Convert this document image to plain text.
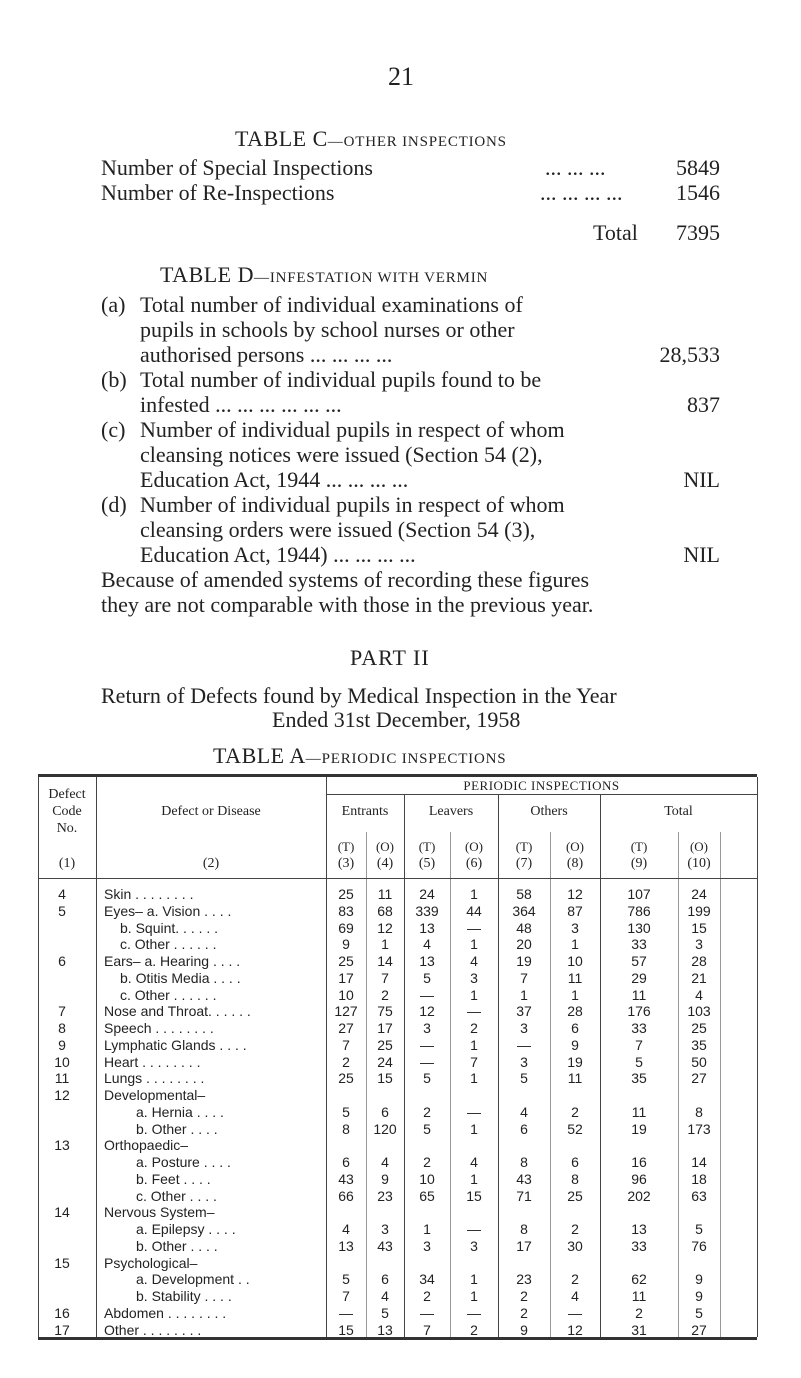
21
TABLE C—OTHER INSPECTIONS
Number of Special Inspections	... ... ...	5849
Number of Re-Inspections	... ... ... ...	1546
Total	7395
TABLE D—INFESTATION WITH VERMIN
(a) Total number of individual examinations of
pupils in schools by school nurses or other
authorised persons ... ... ... ...	28,533
(b) Total number of individual pupils found to be
infested ... ... ... ... ... ...	837
(c) Number of individual pupils in respect of whom
cleansing notices were issued (Section 54 (2),
Education Act, 1944 ... ... ... ...	NIL
(d) Number of individual pupils in respect of whom
cleansing orders were issued (Section 54 (3),
Education Act, 1944) ... ... ... ...	NIL
Because of amended systems of recording these figures
they are not comparable with those in the previous year.
PART II
Return of Defects found by Medical Inspection in the Year
Ended 31st December, 1958
TABLE A—PERIODIC INSPECTIONS
Defect
Code
No.
(1)
Defect or Disease
(2)
PERIODIC INSPECTIONS
Entrants	Leavers	Others	Total
(T)	(O)	(T)	(O)	(T)	(O)	(T)	(O)
(3)	(4)	(5)	(6)	(7)	(8)	(9)	(10)
4	Skin . . . . . . . .	25	11	24	1	58	12	107	24
5	Eyes– a. Vision . . . .	83	68	339	44	364	87	786	199
b. Squint. . . . . .	69	12	13	—	48	3	130	15
c. Other . . . . . .	9	1	4	1	20	1	33	3
6	Ears– a. Hearing . . . .	25	14	13	4	19	10	57	28
b. Otitis Media . . . .	17	7	5	3	7	11	29	21
c. Other . . . . . .	10	2	—	1	1	1	11	4
7	Nose and Throat. . . . . .	127	75	12	—	37	28	176	103
8	Speech . . . . . . . .	27	17	3	2	3	6	33	25
9	Lymphatic Glands . . . .	7	25	—	1	—	9	7	35
10	Heart . . . . . . . .	2	24	—	7	3	19	5	50
11	Lungs . . . . . . . .	25	15	5	1	5	11	35	27
12	Developmental–
a. Hernia . . . .	5	6	2	—	4	2	11	8
b. Other . . . .	8	120	5	1	6	52	19	173
13	Orthopaedic–
a. Posture . . . .	6	4	2	4	8	6	16	14
b. Feet . . . .	43	9	10	1	43	8	96	18
c. Other . . . .	66	23	65	15	71	25	202	63
14	Nervous System–
a. Epilepsy . . . .	4	3	1	—	8	2	13	5
b. Other . . . .	13	43	3	3	17	30	33	76
15	Psychological–
a. Development . .	5	6	34	1	23	2	62	9
b. Stability . . . .	7	4	2	1	2	4	11	9
16	Abdomen . . . . . . . .	—	5	—	—	2	—	2	5
17	Other . . . . . . . .	15	13	7	2	9	12	31	27
